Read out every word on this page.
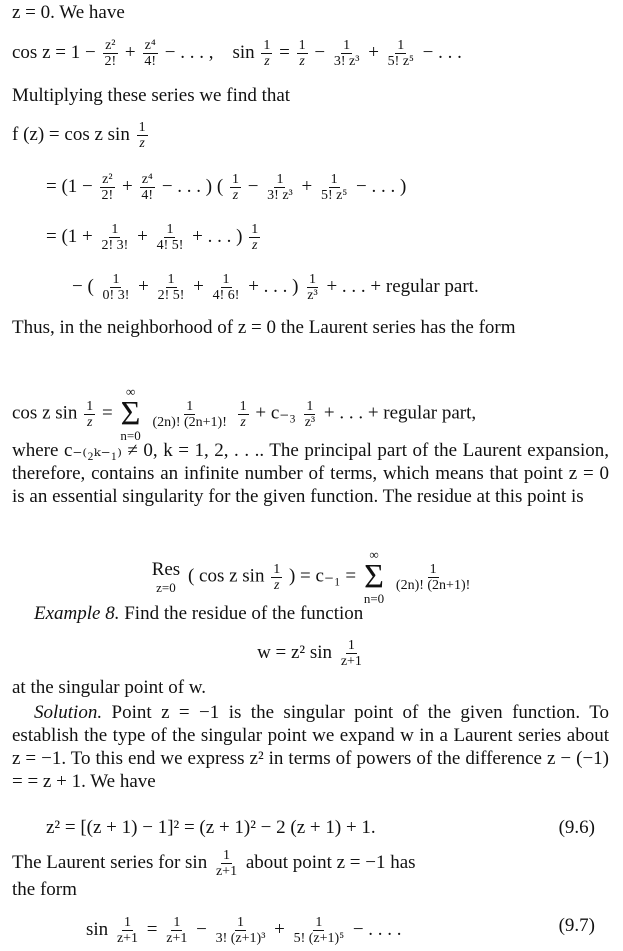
z = 0. We have
$\cos z = 1 - \frac{\text{z²}}{2!} + \frac{\text{z⁴}}{4!}$ − . . . , $\sin \frac{1}{z} = \frac{1}{z} - \frac{1}{\text{3! z³}} + \frac{1}{\text{5! z⁵}}$ − . . .
Multiplying these series we find that
f (z) = cos z $\sin \frac{1}{z}$
= ($1 - \frac{\text{z²}}{2!} + \frac{\text{z⁴}}{4!}$ − . . . ) ( $\frac{1}{z} - \frac{1}{\text{3! z³}} + \frac{1}{\text{5! z⁵}}$ − . . . )
= ($1 + \frac{1}{2! 3!} + \frac{1}{4! 5!}$ + . . . ) $\frac{1}{z}$
− ( $\frac{1}{0! 3!} + \frac{1}{2! 5!} + \frac{1}{4! 6!}$ + . . . ) $\frac{1}{\text{z³}}$ + . . . + regular part.
Thus, in the neighborhood of z = 0 the Laurent series has the form
cos z $\sin \frac{1}{z}$ =
∞
Σ
n=0

$\frac{1}{(2n)! (2n+1)!}$
$\frac{1}{z} + c_{-3} \frac{1}{\text{z³}}$ + . . . + regular part,
where c₋₍₂ₖ₋₁₎ ≠ 0, k = 1, 2, . . .. The principal part of the Laurent expansion, therefore, contains an infinite number of terms, which means that point z = 0 is an essential singularity for the given function. The residue at this point is
Res
z=0
( cos z $\sin \frac{1}{z}$ ) = c₋₁ =
∞
Σ
n=0

$\frac{1}{(2n)! (2n+1)!}$
Example 8. Find the residue of the function
w = z² $\sin \frac{1}{z+1}$
at the singular point of w.
Solution. Point z = −1 is the singular point of the given function. To establish the type of the singular point we expand w in a Laurent series about z = −1. To this end we express z² in terms of powers of the difference z − (−1) = = z + 1. We have
z² = [(z + 1) − 1]² = (z + 1)² − 2 (z + 1) + 1.	(9.6)
The Laurent series for $\sin \frac{1}{z+1}$ about point z = −1 has
the form
$\sin \frac{1}{z+1} = \frac{1}{z+1} - \frac{1}{\text{3! (z+1)³}} + \frac{1}{\text{5! (z+1)⁵}}$ − . . . .	(9.7)
